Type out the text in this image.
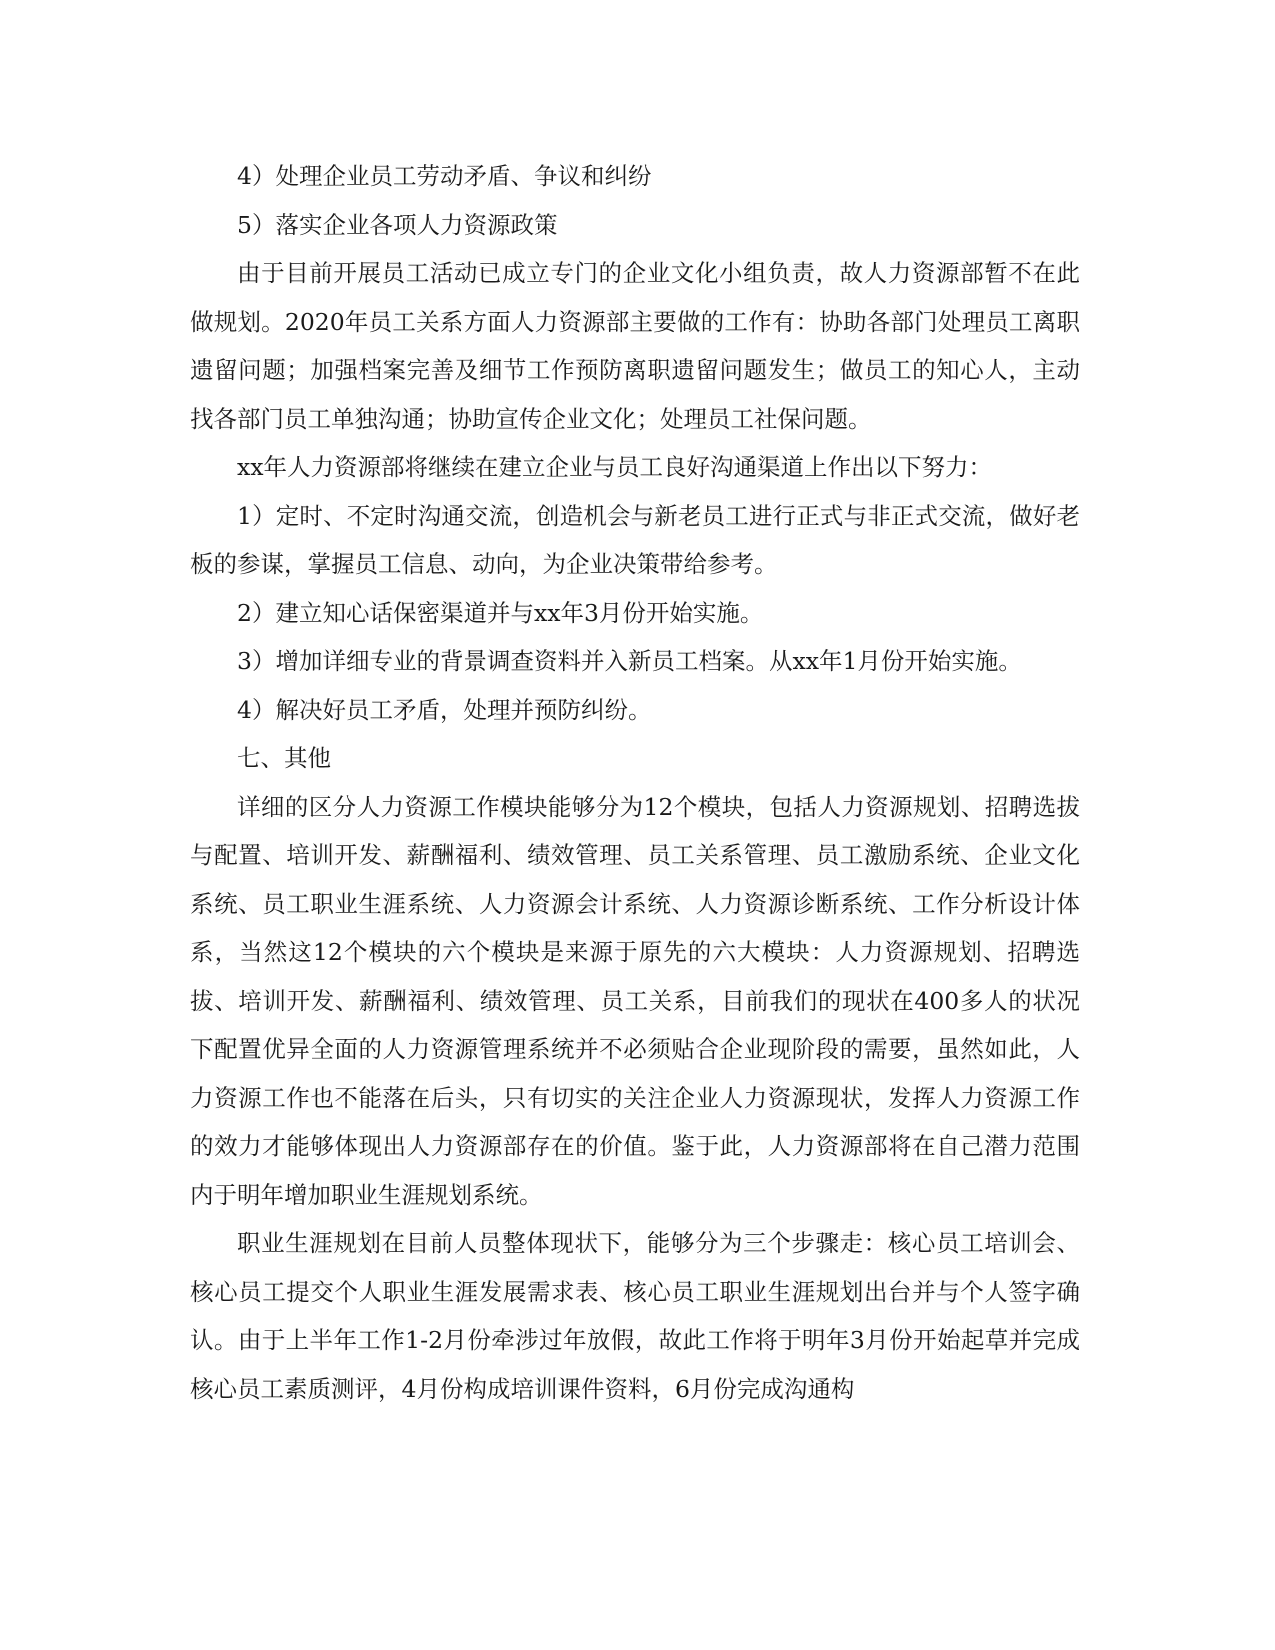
4）处理企业员工劳动矛盾、争议和纠纷

5）落实企业各项人力资源政策

由于目前开展员工活动已成立专门的企业文化小组负责，故人力资源部暂不在此做规划。2020年员工关系方面人力资源部主要做的工作有：协助各部门处理员工离职遗留问题；加强档案完善及细节工作预防离职遗留问题发生；做员工的知心人，主动找各部门员工单独沟通；协助宣传企业文化；处理员工社保问题。

xx年人力资源部将继续在建立企业与员工良好沟通渠道上作出以下努力：

1）定时、不定时沟通交流，创造机会与新老员工进行正式与非正式交流，做好老板的参谋，掌握员工信息、动向，为企业决策带给参考。

2）建立知心话保密渠道并与xx年3月份开始实施。

3）增加详细专业的背景调查资料并入新员工档案。从xx年1月份开始实施。

4）解决好员工矛盾，处理并预防纠纷。

七、其他

详细的区分人力资源工作模块能够分为12个模块，包括人力资源规划、招聘选拔与配置、培训开发、薪酬福利、绩效管理、员工关系管理、员工激励系统、企业文化系统、员工职业生涯系统、人力资源会计系统、人力资源诊断系统、工作分析设计体系，当然这12个模块的六个模块是来源于原先的六大模块：人力资源规划、招聘选拔、培训开发、薪酬福利、绩效管理、员工关系，目前我们的现状在400多人的状况下配置优异全面的人力资源管理系统并不必须贴合企业现阶段的需要，虽然如此，人力资源工作也不能落在后头，只有切实的关注企业人力资源现状，发挥人力资源工作的效力才能够体现出人力资源部存在的价值。鉴于此，人力资源部将在自己潜力范围内于明年增加职业生涯规划系统。

职业生涯规划在目前人员整体现状下，能够分为三个步骤走：核心员工培训会、核心员工提交个人职业生涯发展需求表、核心员工职业生涯规划出台并与个人签字确认。由于上半年工作1-2月份牵涉过年放假，故此工作将于明年3月份开始起草并完成核心员工素质测评，4月份构成培训课件资料，6月份完成沟通构
